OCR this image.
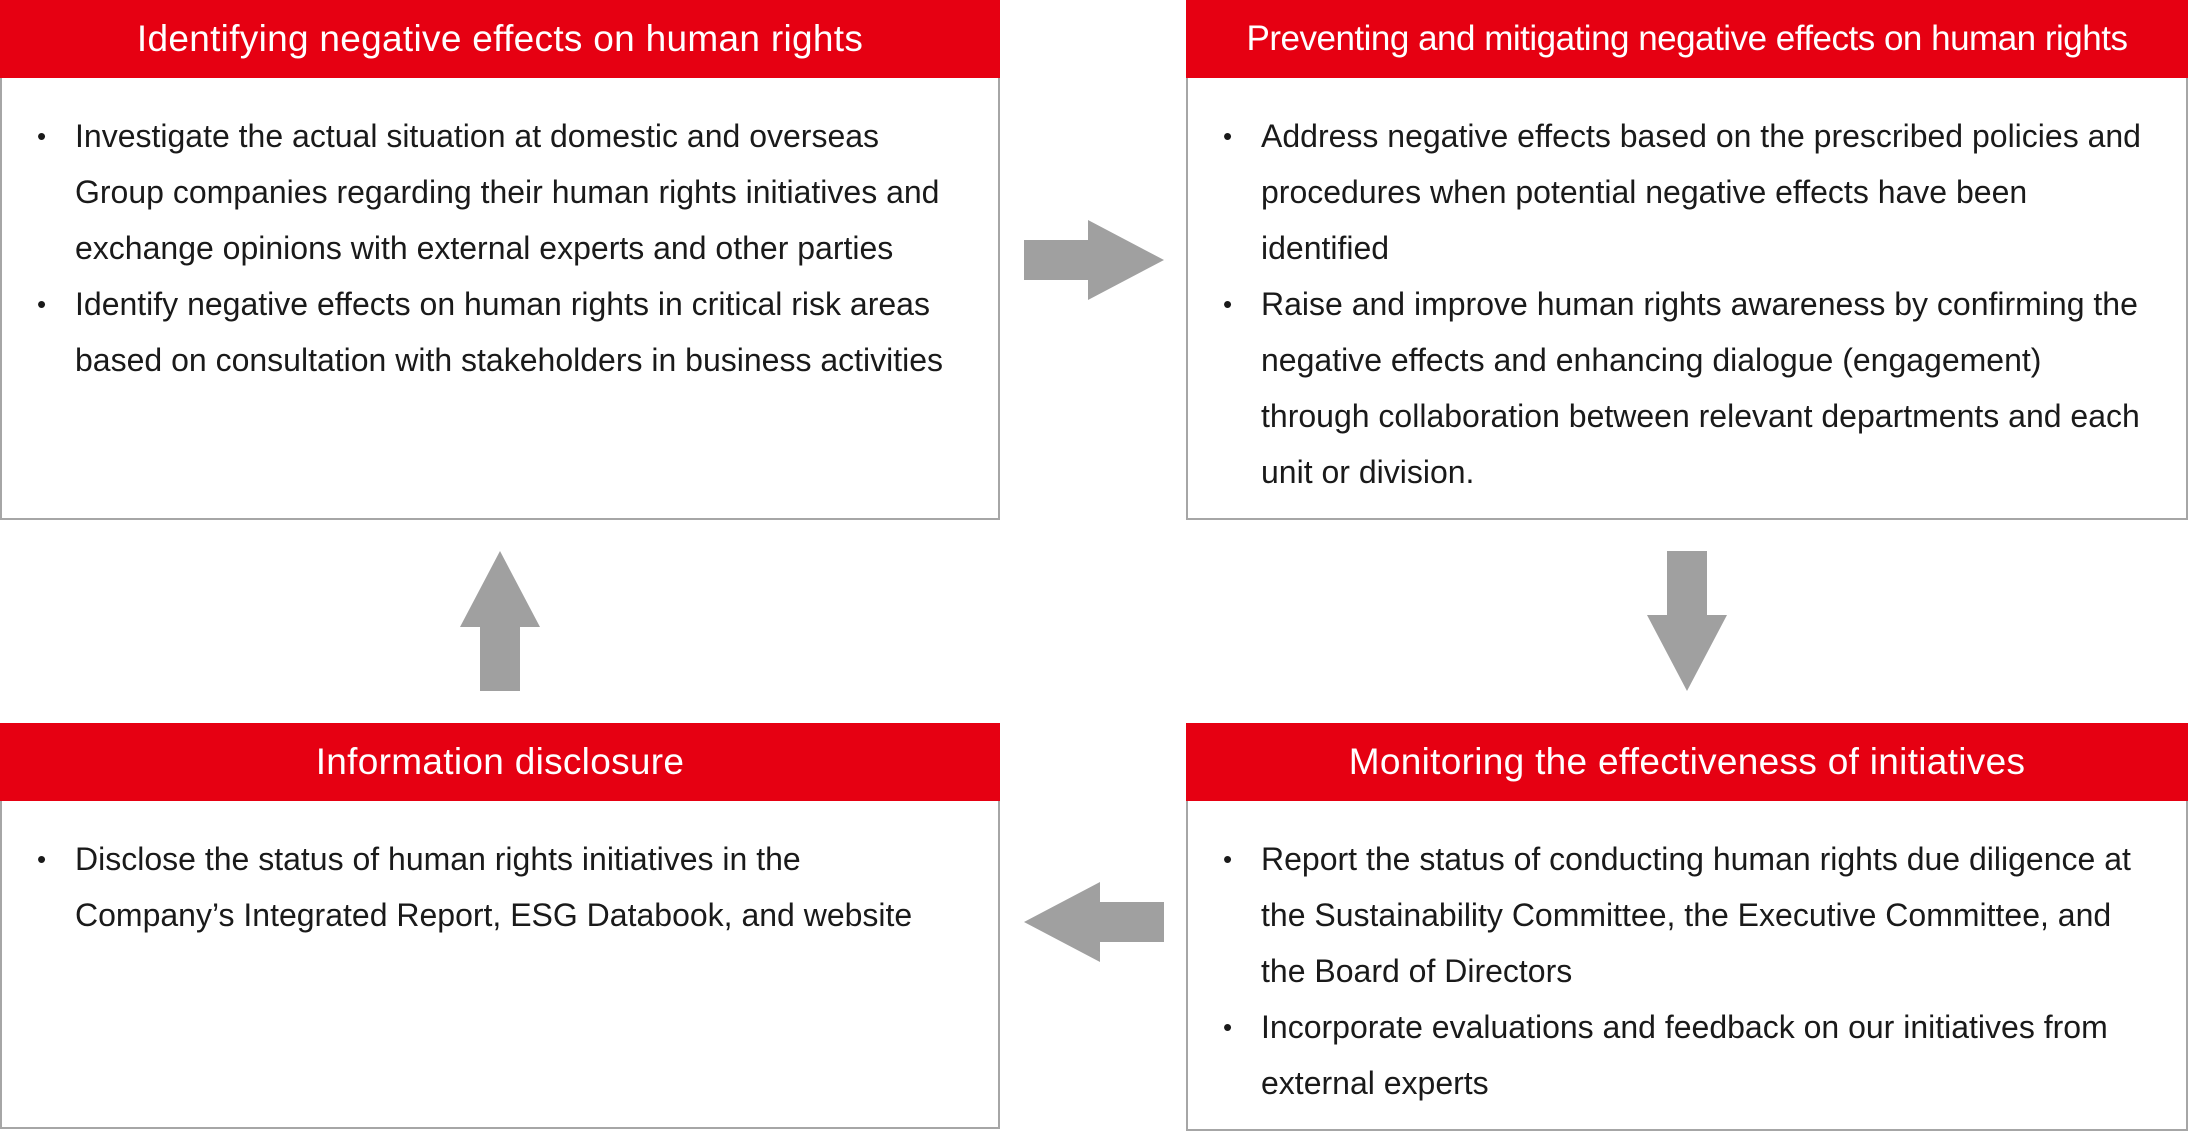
Identifying negative effects on human rights
• Investigate the actual situation at domestic and overseas Group companies regarding their human rights initiatives and exchange opinions with external experts and other parties
• Identify negative effects on human rights in critical risk areas based on consultation with stakeholders in business activities
Preventing and mitigating negative effects on human rights
• Address negative effects based on the prescribed policies and procedures when potential negative effects have been identified
• Raise and improve human rights awareness by confirming the negative effects and enhancing dialogue (engagement) through collaboration between relevant departments and each unit or division.
Information disclosure
• Disclose the status of human rights initiatives in the Company’s Integrated Report, ESG Databook, and website
Monitoring the effectiveness of initiatives
• Report the status of conducting human rights due diligence at the Sustainability Committee, the Executive Committee, and the Board of Directors
• Incorporate evaluations and feedback on our initiatives from external experts
